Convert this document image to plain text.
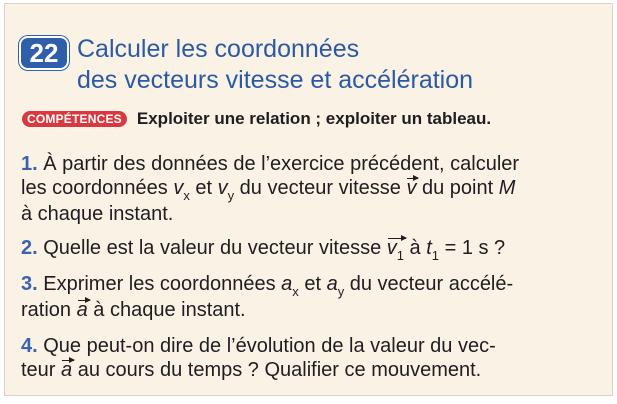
22 Calculer les coordonnées
des vecteurs vitesse et accélération
COMPÉTENCES Exploiter une relation ; exploiter un tableau.
1. À partir des données de l’exercice précédent, calculer
les coordonnées $v_x$ et $v_y$ du vecteur vitesse v du point M
à chaque instant.
2. Quelle est la valeur du vecteur vitesse $v_1$ à $t_1 = 1$ s ?
3. Exprimer les coordonnées $a_x$ et $a_y$ du vecteur accélé-
ration a à chaque instant.
4. Que peut-on dire de l’évolution de la valeur du vec-
teur a au cours du temps ? Qualifier ce mouvement.
